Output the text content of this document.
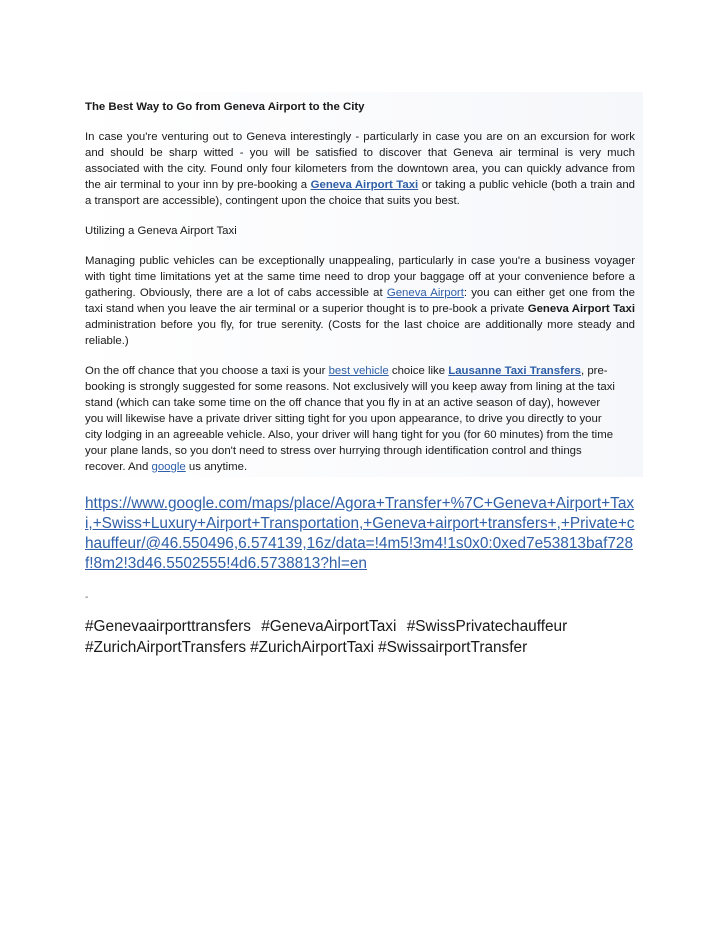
The Best Way to Go from Geneva Airport to the City

In case you're venturing out to Geneva interestingly - particularly in case you are on an excursion for work and should be sharp witted - you will be satisfied to discover that Geneva air terminal is very much associated with the city. Found only four kilometers from the downtown area, you can quickly advance from the air terminal to your inn by pre-booking a Geneva Airport Taxi or taking a public vehicle (both a train and a transport are accessible), contingent upon the choice that suits you best.

Utilizing a Geneva Airport Taxi

Managing public vehicles can be exceptionally unappealing, particularly in case you're a business voyager with tight time limitations yet at the same time need to drop your baggage off at your convenience before a gathering. Obviously, there are a lot of cabs accessible at Geneva Airport: you can either get one from the taxi stand when you leave the air terminal or a superior thought is to pre-book a private Geneva Airport Taxi administration before you fly, for true serenity. (Costs for the last choice are additionally more steady and reliable.)

On the off chance that you choose a taxi is your best vehicle choice like Lausanne Taxi Transfers, pre-booking is strongly suggested for some reasons. Not exclusively will you keep away from lining at the taxi stand (which can take some time on the off chance that you fly in at an active season of day), however you will likewise have a private driver sitting tight for you upon appearance, to drive you directly to your city lodging in an agreeable vehicle. Also, your driver will hang tight for you (for 60 minutes) from the time your plane lands, so you don't need to stress over hurrying through identification control and things recover. And google us anytime.

https://www.google.com/maps/place/Agora+Transfer+%7C+Geneva+Airport+Taxi,+Swiss+Luxury+Airport+Transportation,+Geneva+airport+transfers+,+Private+chauffeur/@46.550496,6.574139,16z/data=!4m5!3m4!1s0x0:0xed7e53813baf728f!8m2!3d46.5502555!4d6.5738813?hl=en
-
#Genevaairporttransfers #GenevaAirportTaxi #SwissPrivatechauffeur
#ZurichAirportTransfers #ZurichAirportTaxi #SwissairportTransfer
